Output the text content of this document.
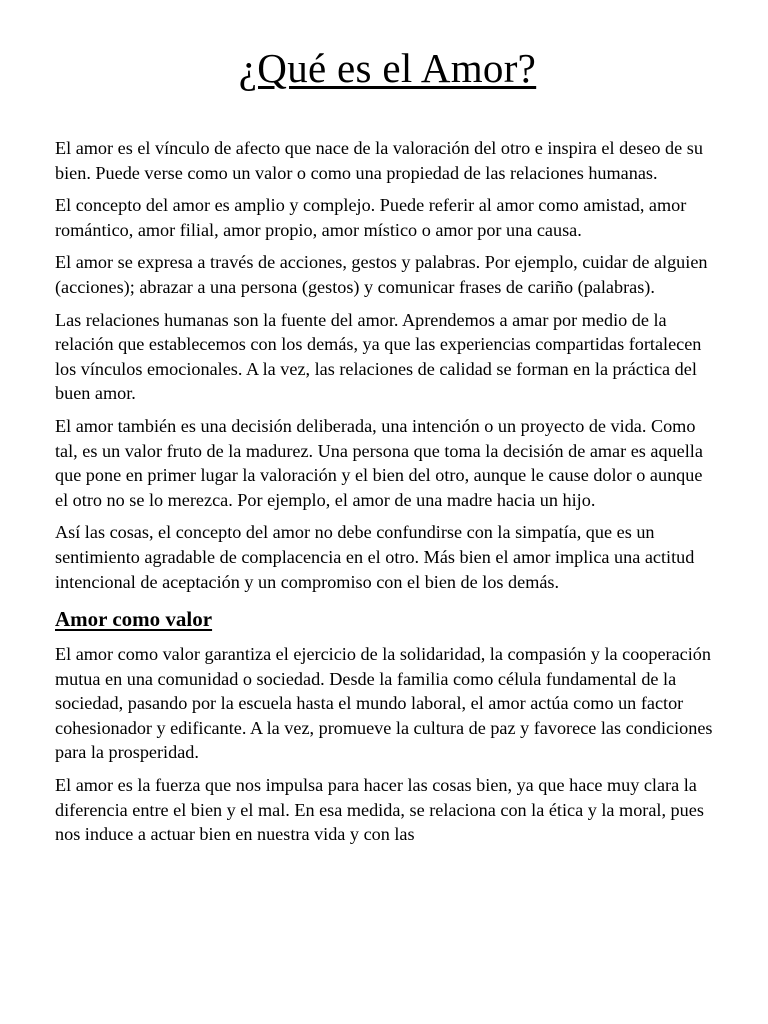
¿Qué es el Amor?

El amor es el vínculo de afecto que nace de la valoración del otro e inspira el deseo de su bien. Puede verse como un valor o como una propiedad de las relaciones humanas.

El concepto del amor es amplio y complejo. Puede referir al amor como amistad, amor romántico, amor filial, amor propio, amor místico o amor por una causa.

El amor se expresa a través de acciones, gestos y palabras. Por ejemplo, cuidar de alguien (acciones); abrazar a una persona (gestos) y comunicar frases de cariño (palabras).

Las relaciones humanas son la fuente del amor. Aprendemos a amar por medio de la relación que establecemos con los demás, ya que las experiencias compartidas fortalecen los vínculos emocionales. A la vez, las relaciones de calidad se forman en la práctica del buen amor.

El amor también es una decisión deliberada, una intención o un proyecto de vida. Como tal, es un valor fruto de la madurez. Una persona que toma la decisión de amar es aquella que pone en primer lugar la valoración y el bien del otro, aunque le cause dolor o aunque el otro no se lo merezca. Por ejemplo, el amor de una madre hacia un hijo.

Así las cosas, el concepto del amor no debe confundirse con la simpatía, que es un sentimiento agradable de complacencia en el otro. Más bien el amor implica una actitud intencional de aceptación y un compromiso con el bien de los demás.

Amor como valor

El amor como valor garantiza el ejercicio de la solidaridad, la compasión y la cooperación mutua en una comunidad o sociedad. Desde la familia como célula fundamental de la sociedad, pasando por la escuela hasta el mundo laboral, el amor actúa como un factor cohesionador y edificante. A la vez, promueve la cultura de paz y favorece las condiciones para la prosperidad.

El amor es la fuerza que nos impulsa para hacer las cosas bien, ya que hace muy clara la diferencia entre el bien y el mal. En esa medida, se relaciona con la ética y la moral, pues nos induce a actuar bien en nuestra vida y con las
